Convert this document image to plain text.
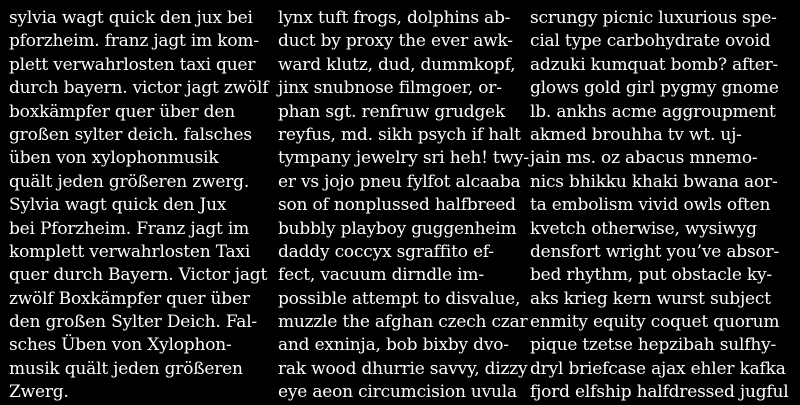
sylvia wagt quick den jux bei
pforzheim. franz jagt im kom-
plett verwahrlosten taxi quer
durch bayern. victor jagt zwölf
boxkämpfer quer über den
großen sylter deich. falsches
üben von xylophonmusik
quält jeden größeren zwerg.
Sylvia wagt quick den Jux
bei Pforzheim. Franz jagt im
komplett verwahrlosten Taxi
quer durch Bayern. Victor jagt
zwölf Boxkämpfer quer über
den großen Sylter Deich. Fal-
sches Üben von Xylophon-
musik quält jeden größeren
Zwerg.
lynx tuft frogs, dolphins ab-
duct by proxy the ever awk-
ward klutz, dud, dummkopf,
jinx snubnose filmgoer, or-
phan sgt. renfruw grudgek
reyfus, md. sikh psych if halt
tympany jewelry sri heh! twy-
er vs jojo pneu fylfot alcaaba
son of nonplussed halfbreed
bubbly playboy guggenheim
daddy coccyx sgraffito ef-
fect, vacuum dirndle im-
possible attempt to disvalue,
muzzle the afghan czech czar
and exninja, bob bixby dvo-
rak wood dhurrie savvy, dizzy
eye aeon circumcision uvula
scrungy picnic luxurious spe-
cial type carbohydrate ovoid
adzuki kumquat bomb? after-
glows gold girl pygmy gnome
lb. ankhs acme aggroupment
akmed brouhha tv wt. uj-
jain ms. oz abacus mnemo-
nics bhikku khaki bwana aor-
ta embolism vivid owls often
kvetch otherwise, wysiwyg
densfort wright you’ve absor-
bed rhythm, put obstacle ky-
aks krieg kern wurst subject
enmity equity coquet quorum
pique tzetse hepzibah sulfhy-
dryl briefcase ajax ehler kafka
fjord elfship halfdressed jugful
